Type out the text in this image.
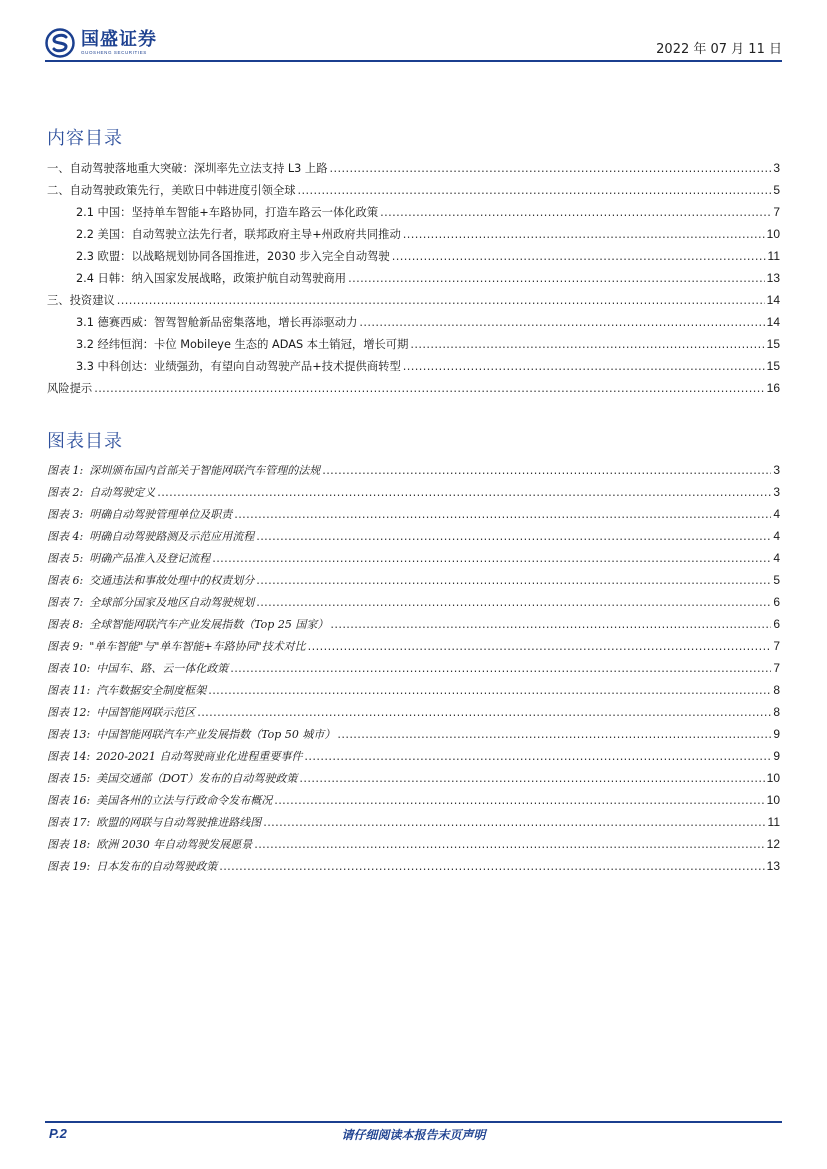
国盛证券
GUOSHENG SECURITIES	2022 年 07 月 11 日
内容目录
一、自动驾驶落地重大突破：深圳率先立法支持 L3 上路 .....	3
二、自动驾驶政策先行，美欧日中韩进度引领全球 .....	5
2.1 中国：坚持单车智能+车路协同，打造车路云一体化政策 .....	7
2.2 美国：自动驾驶立法先行者，联邦政府主导+州政府共同推动 .....	10
2.3 欧盟：以战略规划协同各国推进，2030 步入完全自动驾驶 .....	11
2.4 日韩：纳入国家发展战略，政策护航自动驾驶商用 .....	13
三、投资建议 .....	14
3.1 德赛西威：智驾智舱新品密集落地，增长再添驱动力 .....	14
3.2 经纬恒润：卡位 Mobileye 生态的 ADAS 本土销冠，增长可期 .....	15
3.3 中科创达：业绩强劲，有望向自动驾驶产品+技术提供商转型 .....	15
风险提示 .....	16
图表目录
图表 1: 深圳颁布国内首部关于智能网联汽车管理的法规 .....	3
图表 2: 自动驾驶定义 .....	3
图表 3: 明确自动驾驶管理单位及职责 .....	4
图表 4: 明确自动驾驶路测及示范应用流程 .....	4
图表 5: 明确产品准入及登记流程 .....	4
图表 6: 交通违法和事故处理中的权责划分 .....	5
图表 7: 全球部分国家及地区自动驾驶规划 .....	6
图表 8: 全球智能网联汽车产业发展指数（Top 25 国家） .....	6
图表 9: "单车智能"与"单车智能+车路协同"技术对比 .....	7
图表 10: 中国车、路、云一体化政策 .....	7
图表 11: 汽车数据安全制度框架 .....	8
图表 12: 中国智能网联示范区 .....	8
图表 13: 中国智能网联汽车产业发展指数（Top 50 城市） .....	9
图表 14: 2020-2021 自动驾驶商业化进程重要事件 .....	9
图表 15: 美国交通部（DOT）发布的自动驾驶政策 .....	10
图表 16: 美国各州的立法与行政命令发布概况 .....	10
图表 17: 欧盟的网联与自动驾驶推进路线图 .....	11
图表 18: 欧洲 2030 年自动驾驶发展愿景 .....	12
图表 19: 日本发布的自动驾驶政策 .....	13
P.2	请仔细阅读本报告末页声明
